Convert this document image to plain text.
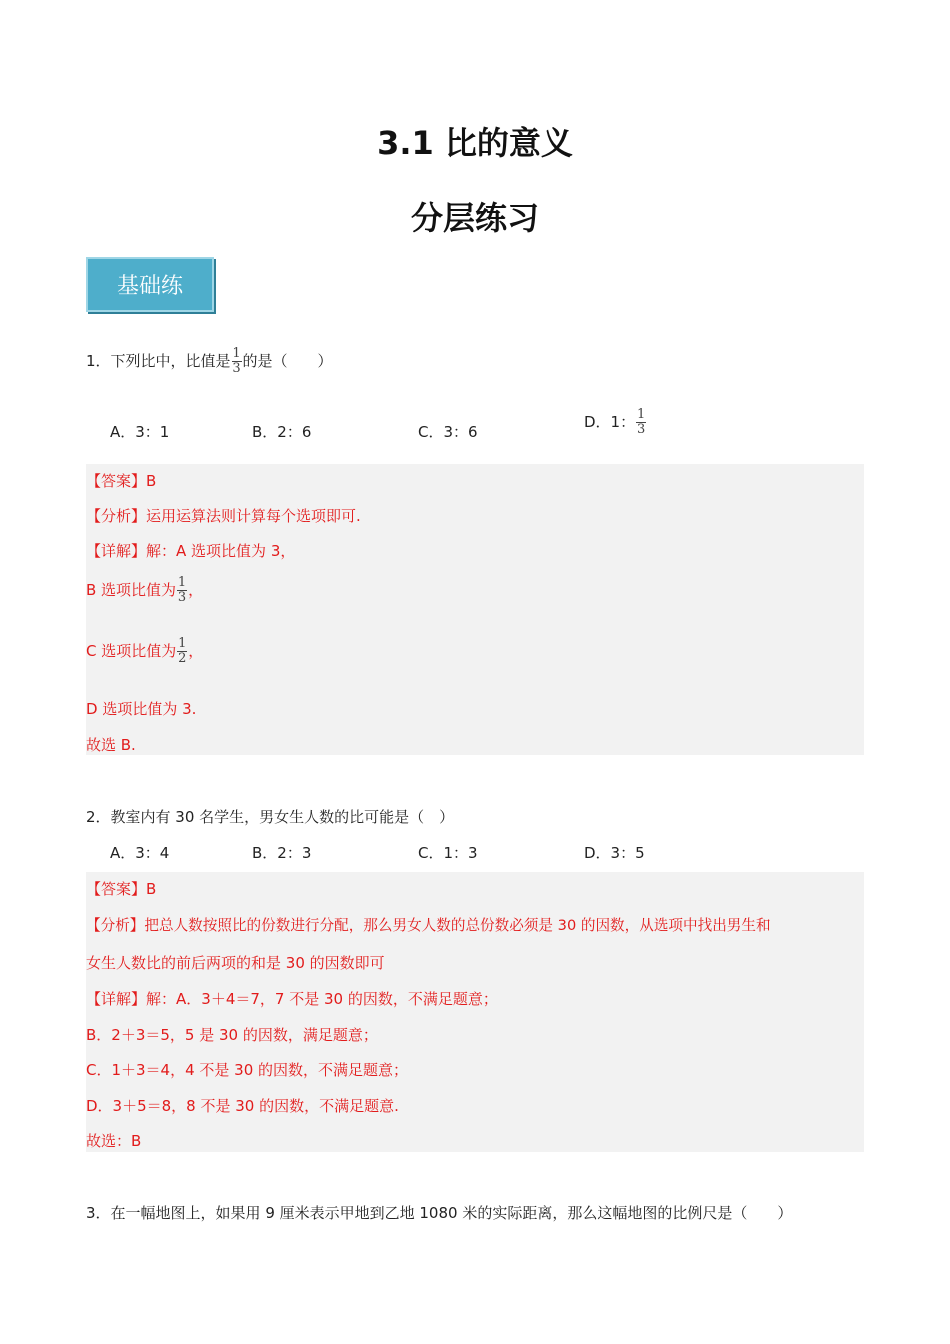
3.1 比的意义
分层练习
基础练
1．下列比中，比值是 $\frac{1}{3}$ 的是（　　）
A．3：1	B．2：6	C．3：6
D．1： $\frac{1}{3}$
【答案】B
【分析】运用运算法则计算每个选项即可.
【详解】解：A 选项比值为 3，
B 选项比值为 $\frac{1}{3}$ ，
C 选项比值为 $\frac{1}{2}$ ，
D 选项比值为 3.
故选 B.
2．教室内有 30 名学生，男女生人数的比可能是（　）
A．3：4	B．2：3	C．1：3	D．3：5
【答案】B
【分析】把总人数按照比的份数进行分配，那么男女人数的总份数必须是 30 的因数，从选项中找出男生和
女生人数比的前后两项的和是 30 的因数即可
【详解】解：A．3＋4＝7，7 不是 30 的因数，不满足题意；
B．2＋3＝5，5 是 30 的因数，满足题意；
C．1＋3＝4，4 不是 30 的因数，不满足题意；
D．3＋5＝8，8 不是 30 的因数，不满足题意.
故选：B
3．在一幅地图上，如果用 9 厘米表示甲地到乙地 1080 米的实际距离，那么这幅地图的比例尺是（　　）
